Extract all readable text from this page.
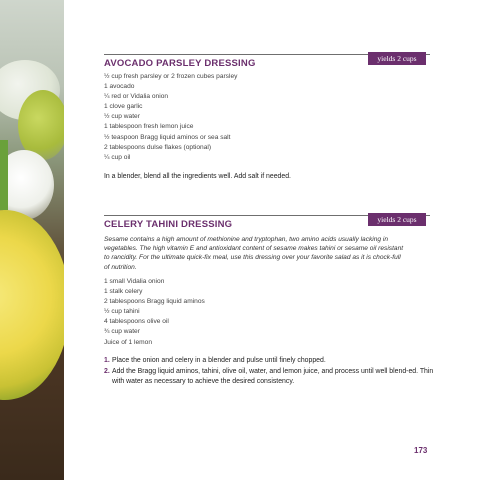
yields 2 cups
AVOCADO PARSLEY DRESSING
½ cup fresh parsley or 2 frozen cubes parsley
1 avocado
¼ red or Vidalia onion
1 clove garlic
½ cup water
1 tablespoon fresh lemon juice
½ teaspoon Bragg liquid aminos or sea salt
2 tablespoons dulse flakes (optional)
¼ cup oil

In a blender, blend all the ingredients well. Add salt if needed.

yields 2 cups
CELERY TAHINI DRESSING

Sesame contains a high amount of methionine and tryptophan, two amino acids usually lacking in vegetables. The high vitamin E and antioxidant content of sesame makes tahini or sesame oil resistant to rancidity. For the ultimate quick-fix meal, use this dressing over your favorite salad as it is chock-full of nutrition.

1 small Vidalia onion
1 stalk celery
2 tablespoons Bragg liquid aminos
½ cup tahini
4 tablespoons olive oil
¾ cup water
Juice of 1 lemon
1. Place the onion and celery in a blender and pulse until finely chopped.
2. Add the Bragg liquid aminos, tahini, olive oil, water, and lemon juice, and process until well blend-ed. Thin with water as necessary to achieve the desired consistency.
173
